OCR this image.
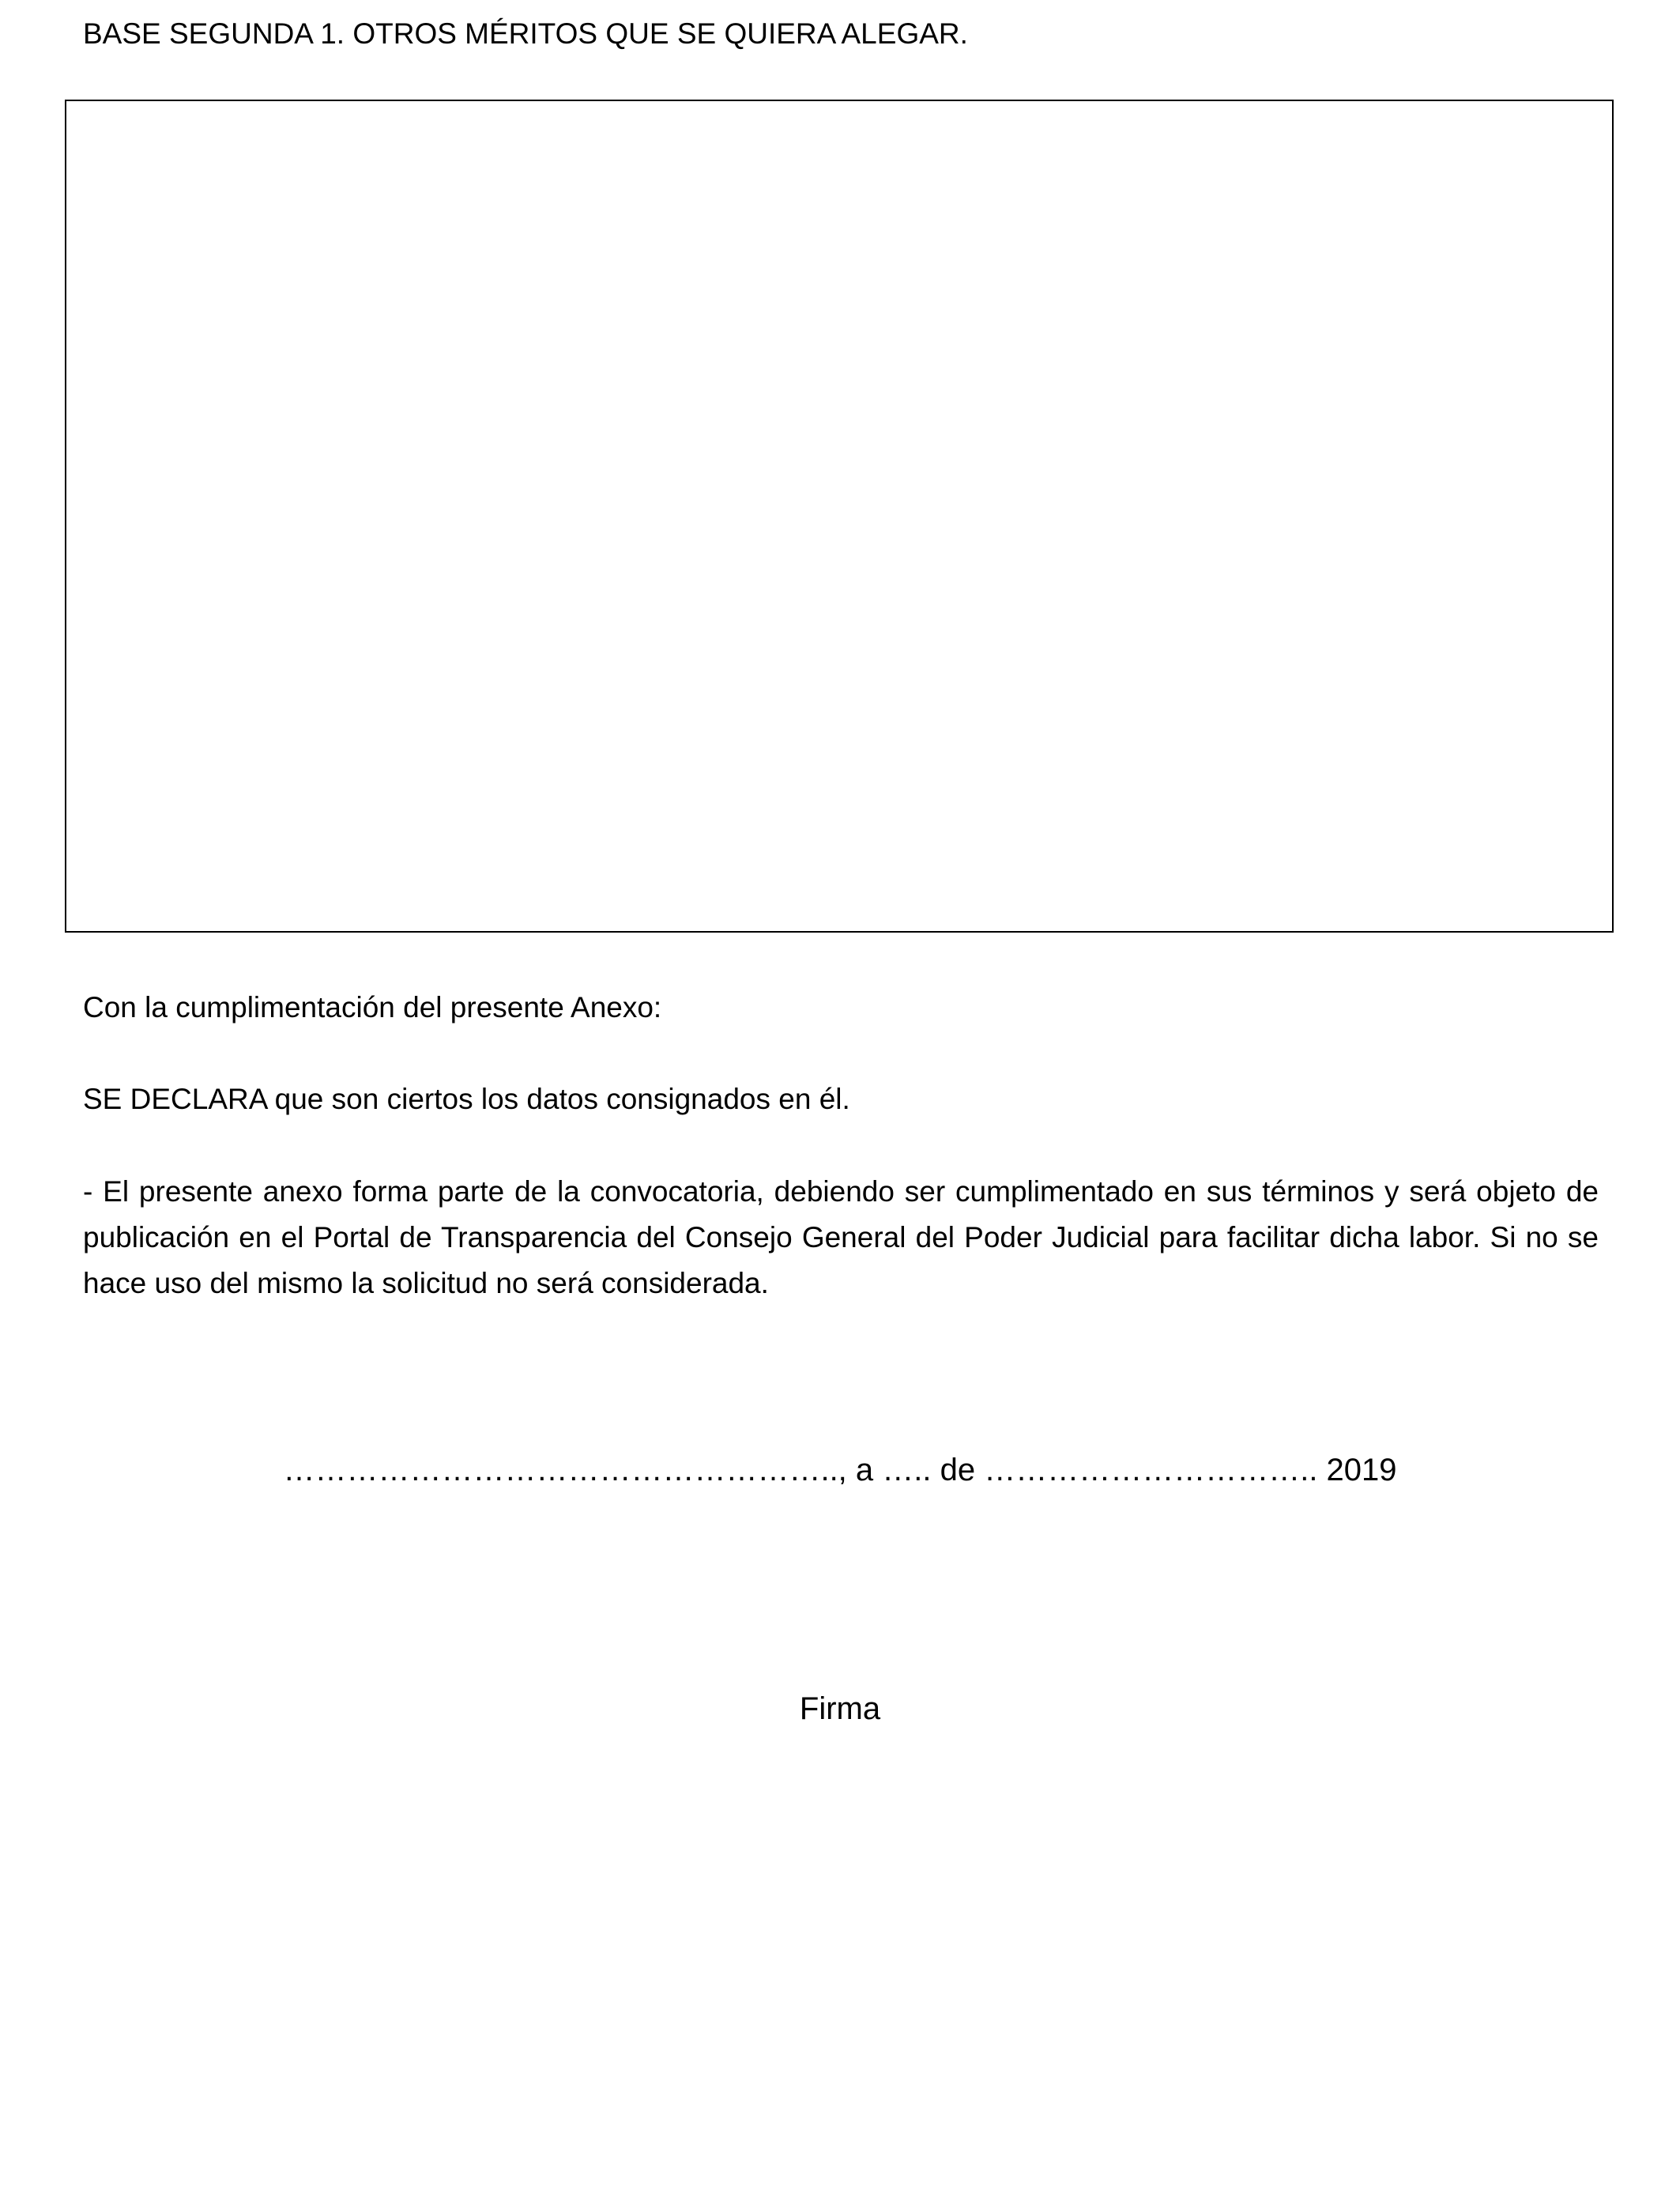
BASE SEGUNDA 1. OTROS MÉRITOS QUE SE QUIERA ALEGAR.
Con la cumplimentación del presente Anexo:
SE DECLARA que son ciertos los datos consignados en él.
- El presente anexo forma parte de la convocatoria, debiendo ser cumplimentado en sus términos y será objeto de publicación en el Portal de Transparencia del Consejo General del Poder Judicial para facilitar dicha labor. Si no se hace uso del mismo la solicitud no será considerada.
…………………………………………….., a ….. de ………………………….. 2019
Firma
